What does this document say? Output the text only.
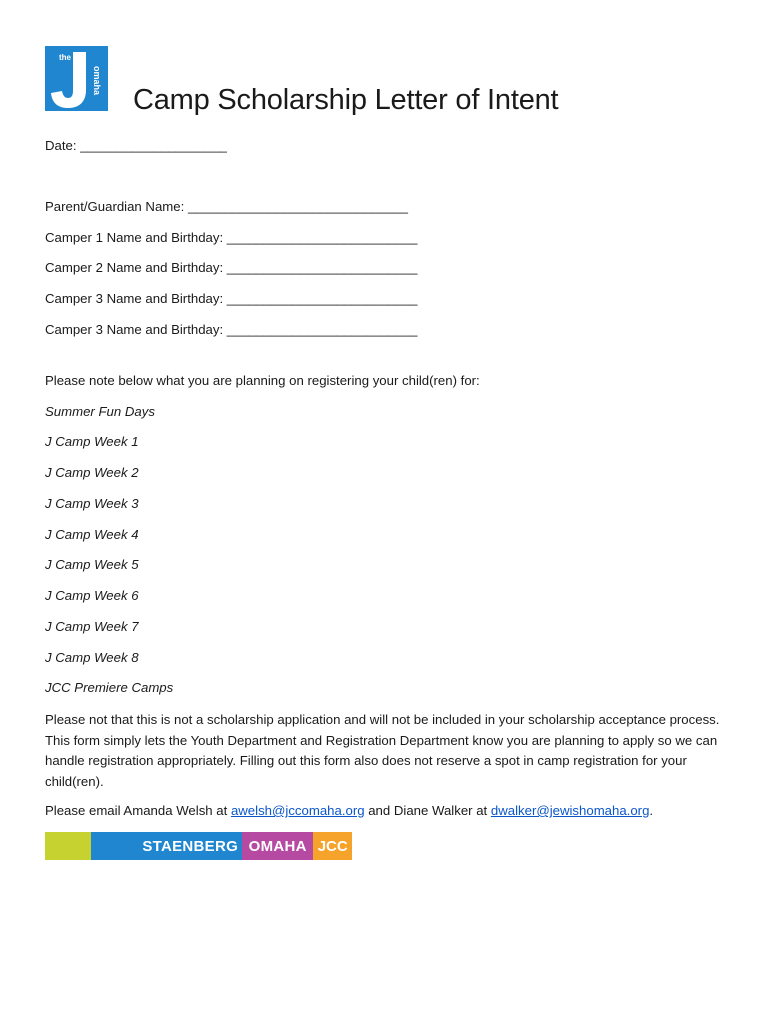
the
omaha
Camp Scholarship Letter of Intent
Date: ____________________
Parent/Guardian Name: ______________________________
Camper 1 Name and Birthday: __________________________
Camper 2 Name and Birthday: __________________________
Camper 3 Name and Birthday: __________________________
Camper 3 Name and Birthday: __________________________
Please note below what you are planning on registering your child(ren) for:
Summer Fun Days
J Camp Week 1
J Camp Week 2
J Camp Week 3
J Camp Week 4
J Camp Week 5
J Camp Week 6
J Camp Week 7
J Camp Week 8
JCC Premiere Camps
Please not that this is not a scholarship application and will not be included in your scholarship acceptance process. This form simply lets the Youth Department and Registration Department know you are planning to apply so we can handle registration appropriately. Filling out this form also does not reserve a spot in camp registration for your child(ren).
Please email Amanda Welsh at awelsh@jccomaha.org and Diane Walker at dwalker@jewishomaha.org.
STAENBERG OMAHA JCC
